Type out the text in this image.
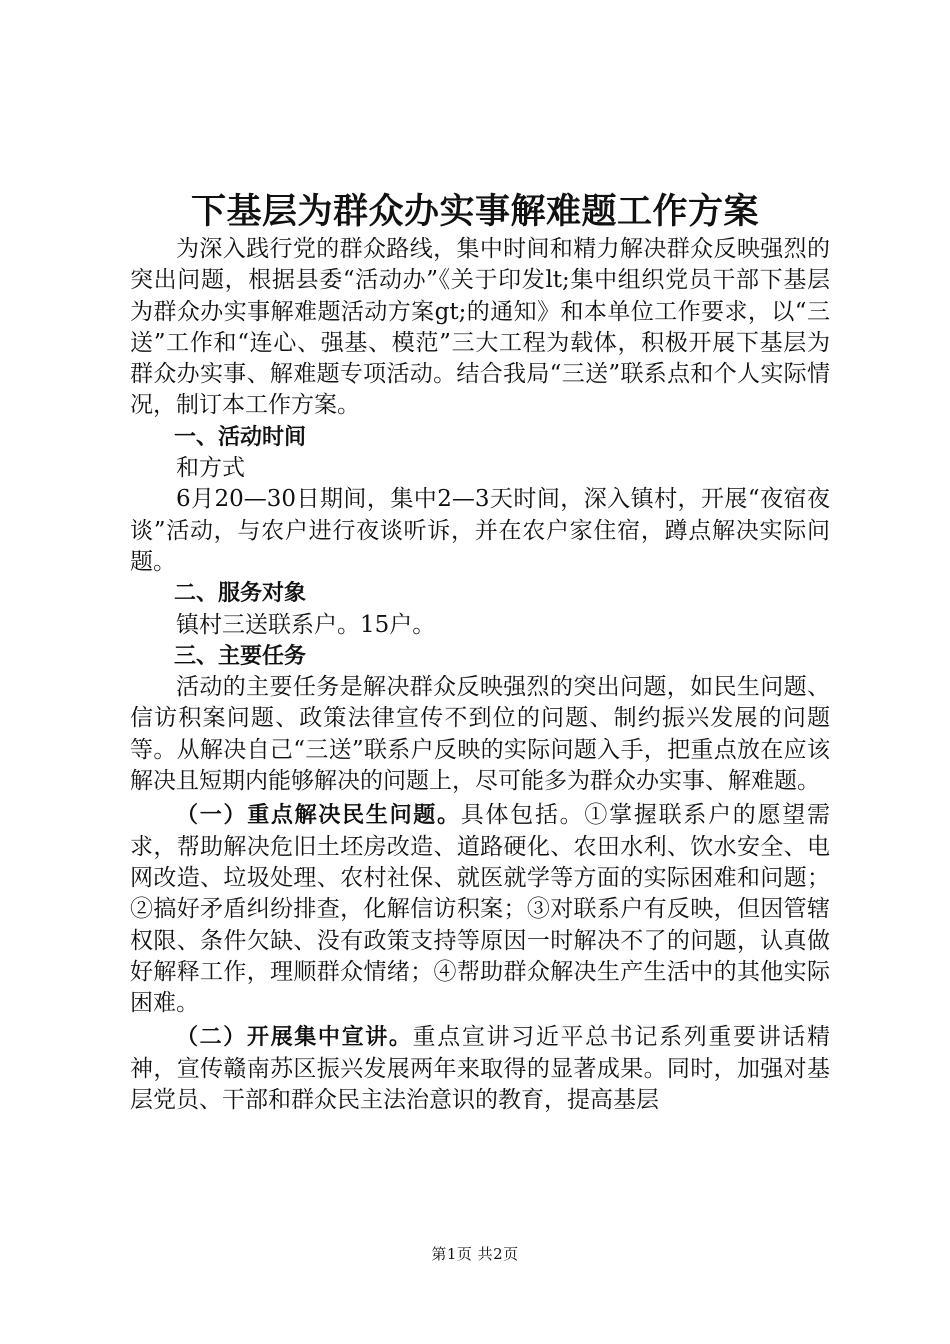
下基层为群众办实事解难题工作方案

为深入践行党的群众路线，集中时间和精力解决群众反映强烈的突出问题，根据县委“活动办”《关于印发lt;集中组织党员干部下基层为群众办实事解难题活动方案gt;的通知》和本单位工作要求，以“三送”工作和“连心、强基、模范”三大工程为载体，积极开展下基层为群众办实事、解难题专项活动。结合我局“三送”联系点和个人实际情况，制订本工作方案。

一、活动时间

和方式

6月20—30日期间，集中2—3天时间，深入镇村，开展“夜宿夜谈”活动，与农户进行夜谈听诉，并在农户家住宿，蹲点解决实际问题。

二、服务对象

镇村三送联系户。15户。

三、主要任务

活动的主要任务是解决群众反映强烈的突出问题，如民生问题、信访积案问题、政策法律宣传不到位的问题、制约振兴发展的问题等。从解决自己“三送”联系户反映的实际问题入手，把重点放在应该解决且短期内能够解决的问题上，尽可能多为群众办实事、解难题。

（一）重点解决民生问题。具体包括。①掌握联系户的愿望需求，帮助解决危旧土坯房改造、道路硬化、农田水利、饮水安全、电网改造、垃圾处理、农村社保、就医就学等方面的实际困难和问题；②搞好矛盾纠纷排查，化解信访积案；③对联系户有反映，但因管辖权限、条件欠缺、没有政策支持等原因一时解决不了的问题，认真做好解释工作，理顺群众情绪；④帮助群众解决生产生活中的其他实际困难。

（二）开展集中宣讲。重点宣讲习近平总书记系列重要讲话精神，宣传赣南苏区振兴发展两年来取得的显著成果。同时，加强对基层党员、干部和群众民主法治意识的教育，提高基层

第1页 共2页
